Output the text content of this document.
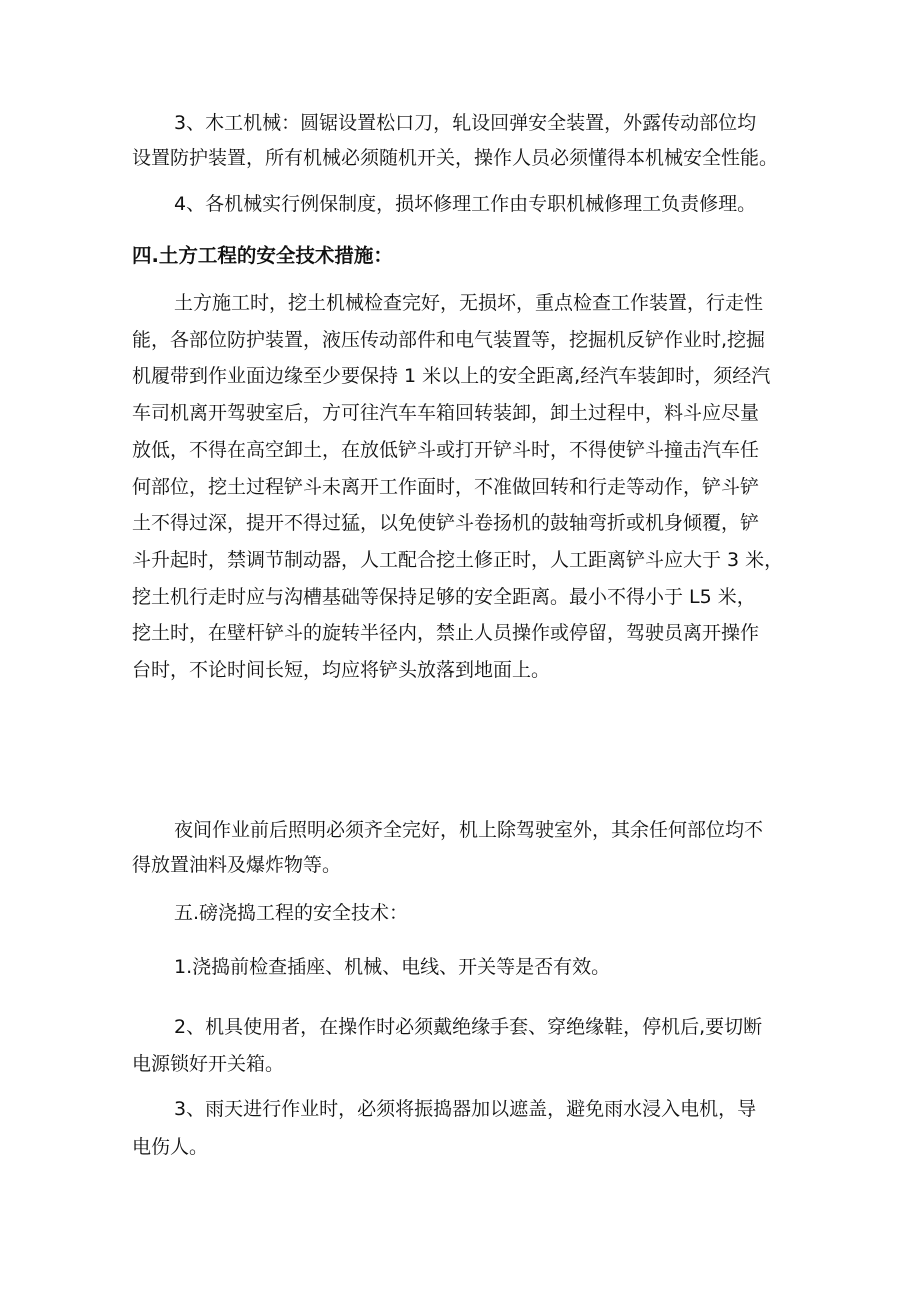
3、木工机械：圆锯设置松口刀，轧设回弹安全装置，外露传动部位均
设置防护装置，所有机械必须随机开关，操作人员必须懂得本机械安全性能。

4、各机械实行例保制度，损坏修理工作由专职机械修理工负责修理。

四.土方工程的安全技术措施：

土方施工时，挖土机械检查完好，无损坏，重点检查工作装置，行走性
能，各部位防护装置，液压传动部件和电气装置等，挖掘机反铲作业时,挖掘
机履带到作业面边缘至少要保持 1 米以上的安全距离,经汽车装卸时，须经汽
车司机离开驾驶室后，方可往汽车车箱回转装卸，卸土过程中，料斗应尽量
放低，不得在高空卸土，在放低铲斗或打开铲斗时，不得使铲斗撞击汽车任
何部位，挖土过程铲斗未离开工作面时，不准做回转和行走等动作，铲斗铲
土不得过深，提开不得过猛，以免使铲斗卷扬机的鼓轴弯折或机身倾覆，铲
斗升起时，禁调节制动器，人工配合挖土修正时，人工距离铲斗应大于 3 米，
挖土机行走时应与沟槽基础等保持足够的安全距离。最小不得小于 L5 米，
挖土时，在壁杆铲斗的旋转半径内，禁止人员操作或停留，驾驶员离开操作
台时，不论时间长短，均应将铲头放落到地面上。

夜间作业前后照明必须齐全完好，机上除驾驶室外，其余任何部位均不
得放置油料及爆炸物等。

五.磅浇捣工程的安全技术：

1.浇捣前检查插座、机械、电线、开关等是否有效。

2、机具使用者，在操作时必须戴绝缘手套、穿绝缘鞋，停机后,要切断
电源锁好开关箱。

3、雨天进行作业时，必须将振捣器加以遮盖，避免雨水浸入电机，导
电伤人。
